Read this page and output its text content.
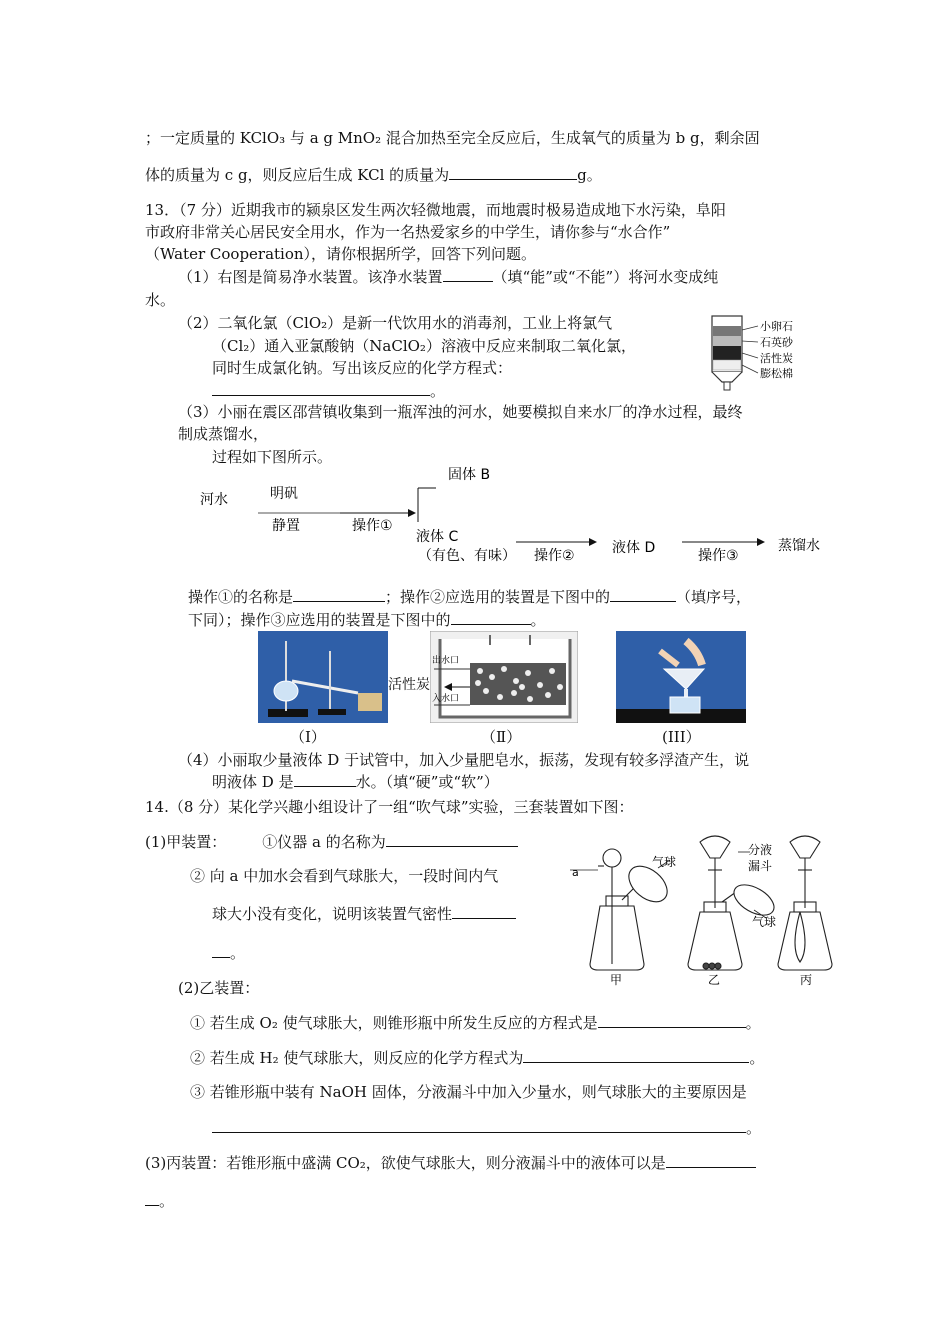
；一定质量的 KClO₃ 与 a g MnO₂ 混合加热至完全反应后，生成氧气的质量为 b g，剩余固
体的质量为 c g，则反应后生成 KCl 的质量为	g。
13．（7 分）近期我市的颍泉区发生两次轻微地震，而地震时极易造成地下水污染，阜阳
市政府非常关心居民安全用水，作为一名热爱家乡的中学生，请你参与“水合作”
（Water Cooperation），请你根据所学，回答下列问题。
（1）右图是简易净水装置。该净水装置	（填“能”或“不能”）将河水变成纯
水。
（2）二氧化氯（ClO₂）是新一代饮用水的消毒剂，工业上将氯气
（Cl₂）通入亚氯酸钠（NaClO₂）溶液中反应来制取二氧化氯，
同时生成氯化钠。写出该反应的化学方程式：
。
小卵石
石英砂
活性炭
膨松棉
（3）小丽在震区邵营镇收集到一瓶浑浊的河水，她要模拟自来水厂的净水过程，最终
制成蒸馏水，
过程如下图所示。
河水	明矾
静置	操作①
固体 B
液体 C
（有色、有味） 操作②	液体 D	操作③
蒸馏水
操作①的名称是	；操作②应选用的装置是下图中的	（填序号，
下同）；操作③应选用的装置是下图中的	。
出水口
入水口
活性炭
（Ⅰ）	（Ⅱ）	(III）
（4）小丽取少量液体 D 于试管中，加入少量肥皂水，振荡，发现有较多浮渣产生，说
明液体 D 是	水。（填“硬”或“软”）
14.（8 分）某化学兴趣小组设计了一组“吹气球”实验，三套装置如下图：
(1)甲装置： ①仪器 a 的名称为
② 向 a 中加水会看到气球胀大，一段时间内气
球大小没有变化，说明该装置气密性
。
a
气球
分液
漏斗
气球
甲	乙	丙
(2)乙装置：
① 若生成 O₂ 使气球胀大，则锥形瓶中所发生反应的方程式是	。
② 若生成 H₂ 使气球胀大，则反应的化学方程式为	。
③ 若锥形瓶中装有 NaOH 固体，分液漏斗中加入少量水，则气球胀大的主要原因是
。
(3)丙装置：若锥形瓶中盛满 CO₂，欲使气球胀大，则分液漏斗中的液体可以是
。
